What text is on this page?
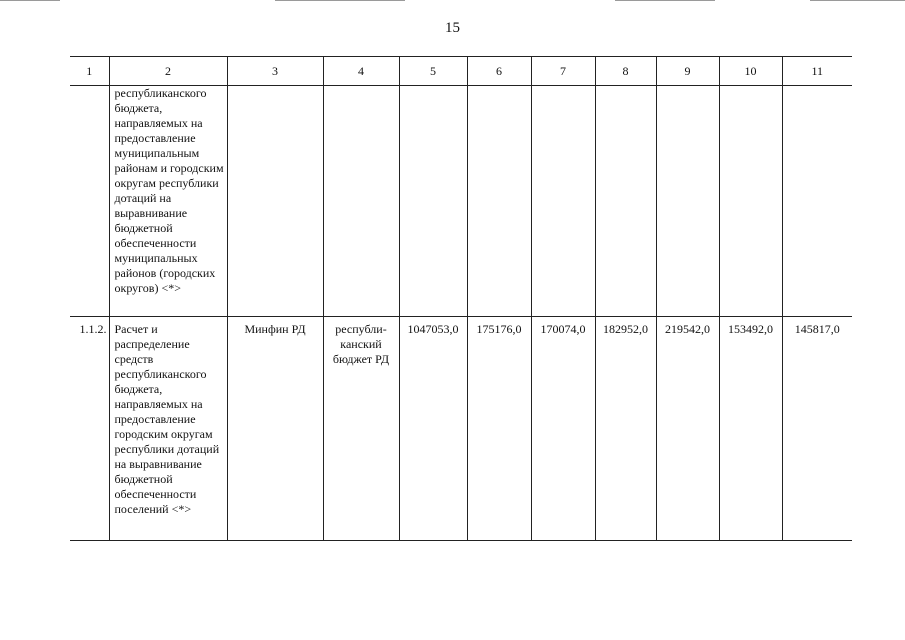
15
1	2	3	4	5	6	7	8	9	10	11
	республиканского бюджета, направляемых на предоставление муниципальным районам и городским округам республики дотаций на выравнивание бюджетной обеспеченности муниципальных районов (городских округов) <*>									
1.1.2.	Расчет и распределение средств республиканского бюджета, направляемых на предоставление городским округам республики дотаций на выравнивание бюджетной обеспеченности поселений <*>	Минфин РД	республи-канский бюджет РД	1047053,0	175176,0	170074,0	182952,0	219542,0	153492,0	145817,0
